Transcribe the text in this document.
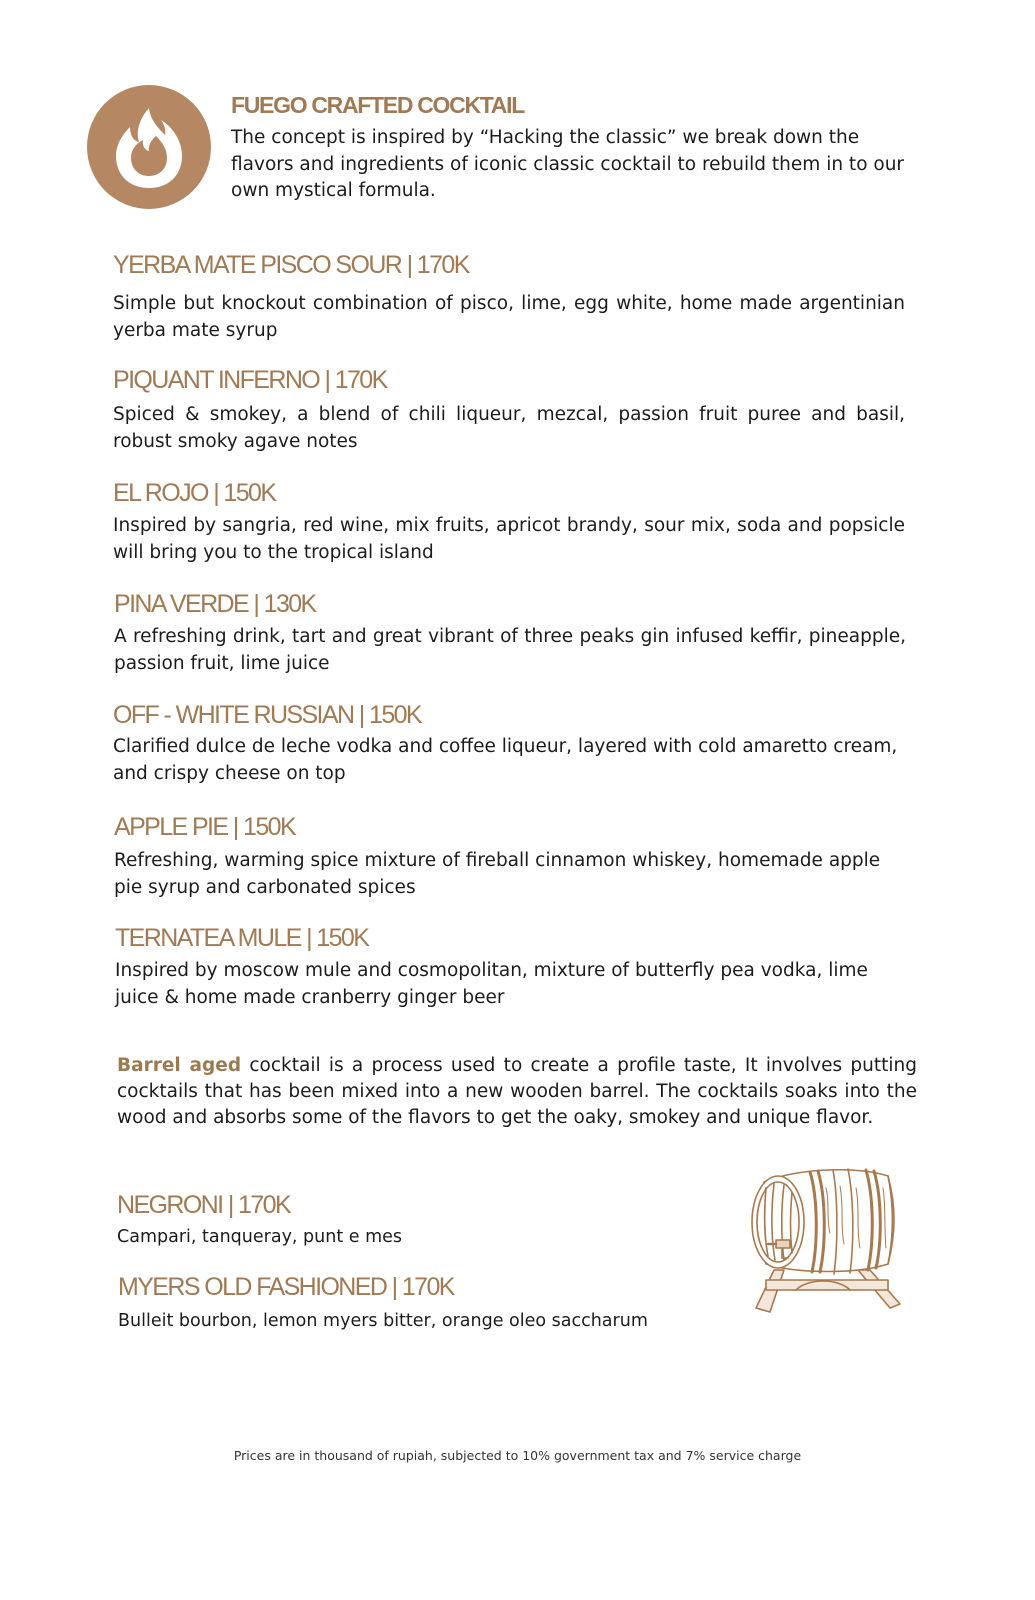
FUEGO CRAFTED COCKTAIL
The concept is inspired by “Hacking the classic” we break down the flavors and ingredients of iconic classic cocktail to rebuild them in to our own mystical formula.
YERBA MATE PISCO SOUR | 170K
Simple but knockout combination of pisco, lime, egg white, home made argentinian yerba mate syrup
PIQUANT INFERNO | 170K
Spiced & smokey, a blend of chili liqueur, mezcal, passion fruit puree and basil, robust smoky agave notes
EL ROJO | 150K
Inspired by sangria, red wine, mix fruits, apricot brandy, sour mix, soda and popsicle will bring you to the tropical island
PINA VERDE | 130K
A refreshing drink, tart and great vibrant of three peaks gin infused keffir, pineapple, passion fruit, lime juice
OFF - WHITE RUSSIAN | 150K
Clarified dulce de leche vodka and coffee liqueur, layered with cold amaretto cream, and crispy cheese on top
APPLE PIE | 150K
Refreshing, warming spice mixture of fireball cinnamon whiskey, homemade apple pie syrup and carbonated spices
TERNATEA MULE | 150K
Inspired by moscow mule and cosmopolitan, mixture of butterfly pea vodka, lime juice & home made cranberry ginger beer
Barrel aged cocktail is a process used to create a profile taste, It involves putting cocktails that has been mixed into a new wooden barrel. The cocktails soaks into the wood and absorbs some of the flavors to get the oaky, smokey and unique flavor.
NEGRONI | 170K
Campari, tanqueray, punt e mes
MYERS OLD FASHIONED | 170K
Bulleit bourbon, lemon myers bitter, orange oleo saccharum
Prices are in thousand of rupiah, subjected to 10% government tax and 7% service charge
